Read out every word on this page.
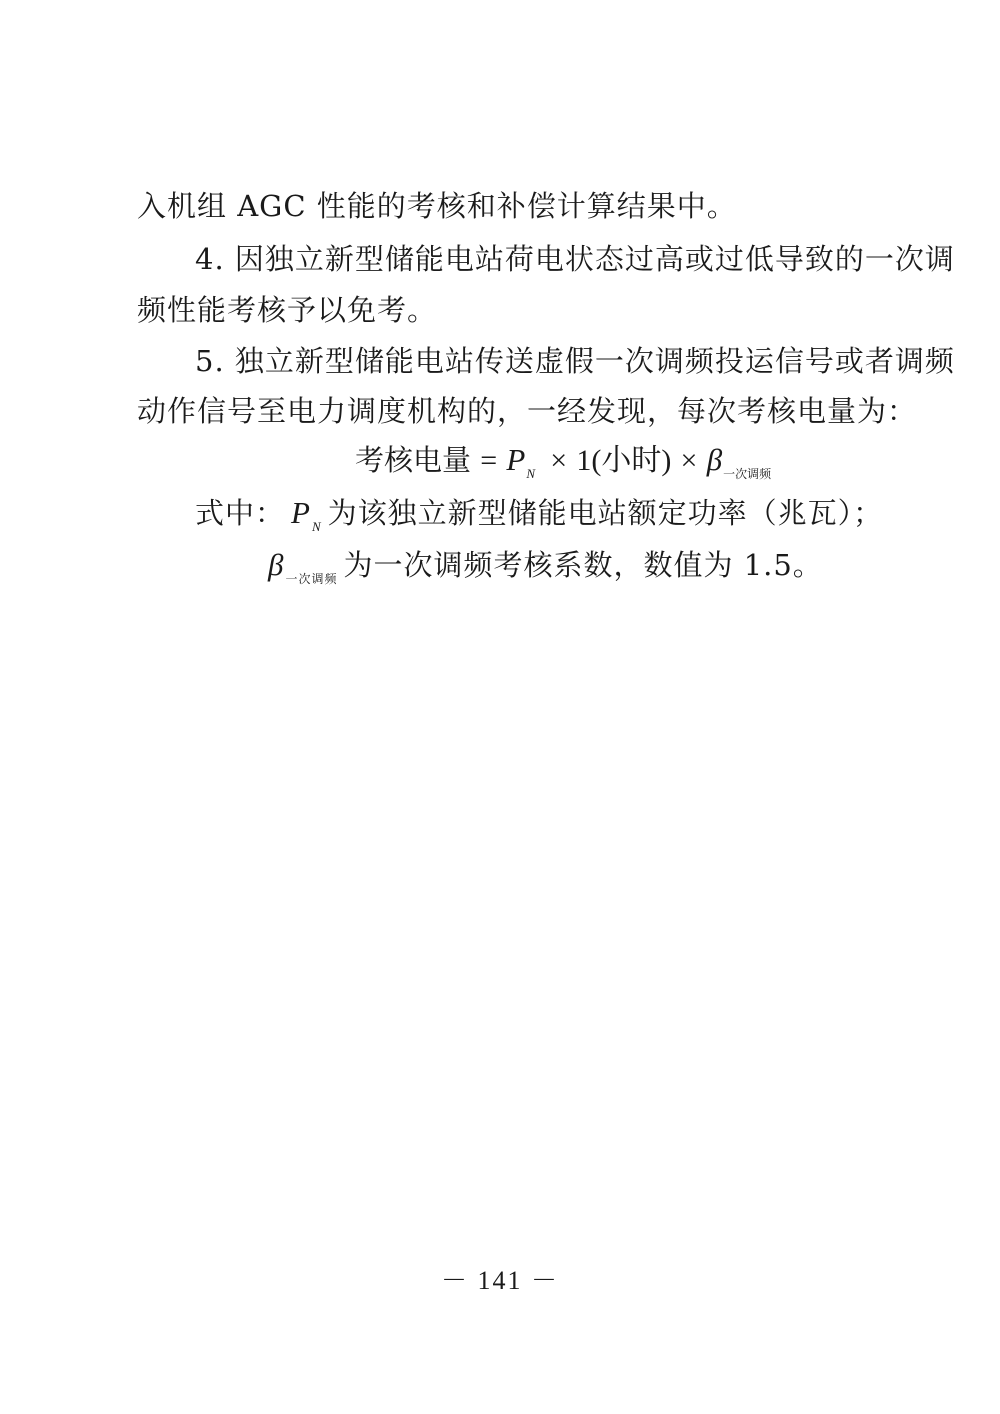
入机组 AGC 性能的考核和补偿计算结果中。
4. 因独立新型储能电站荷电状态过高或过低导致的一次调
频性能考核予以免考。
5. 独立新型储能电站传送虚假一次调频投运信号或者调频
动作信号至电力调度机构的，一经发现，每次考核电量为：
考核电量 = $P_N \times 1$(小时) × $\beta_{一次调频}$
式中： $P_N$ 为该独立新型储能电站额定功率（兆瓦）；
$\beta_{一次调频}$ 为一次调频考核系数，数值为 1.5。
－ 141 －
